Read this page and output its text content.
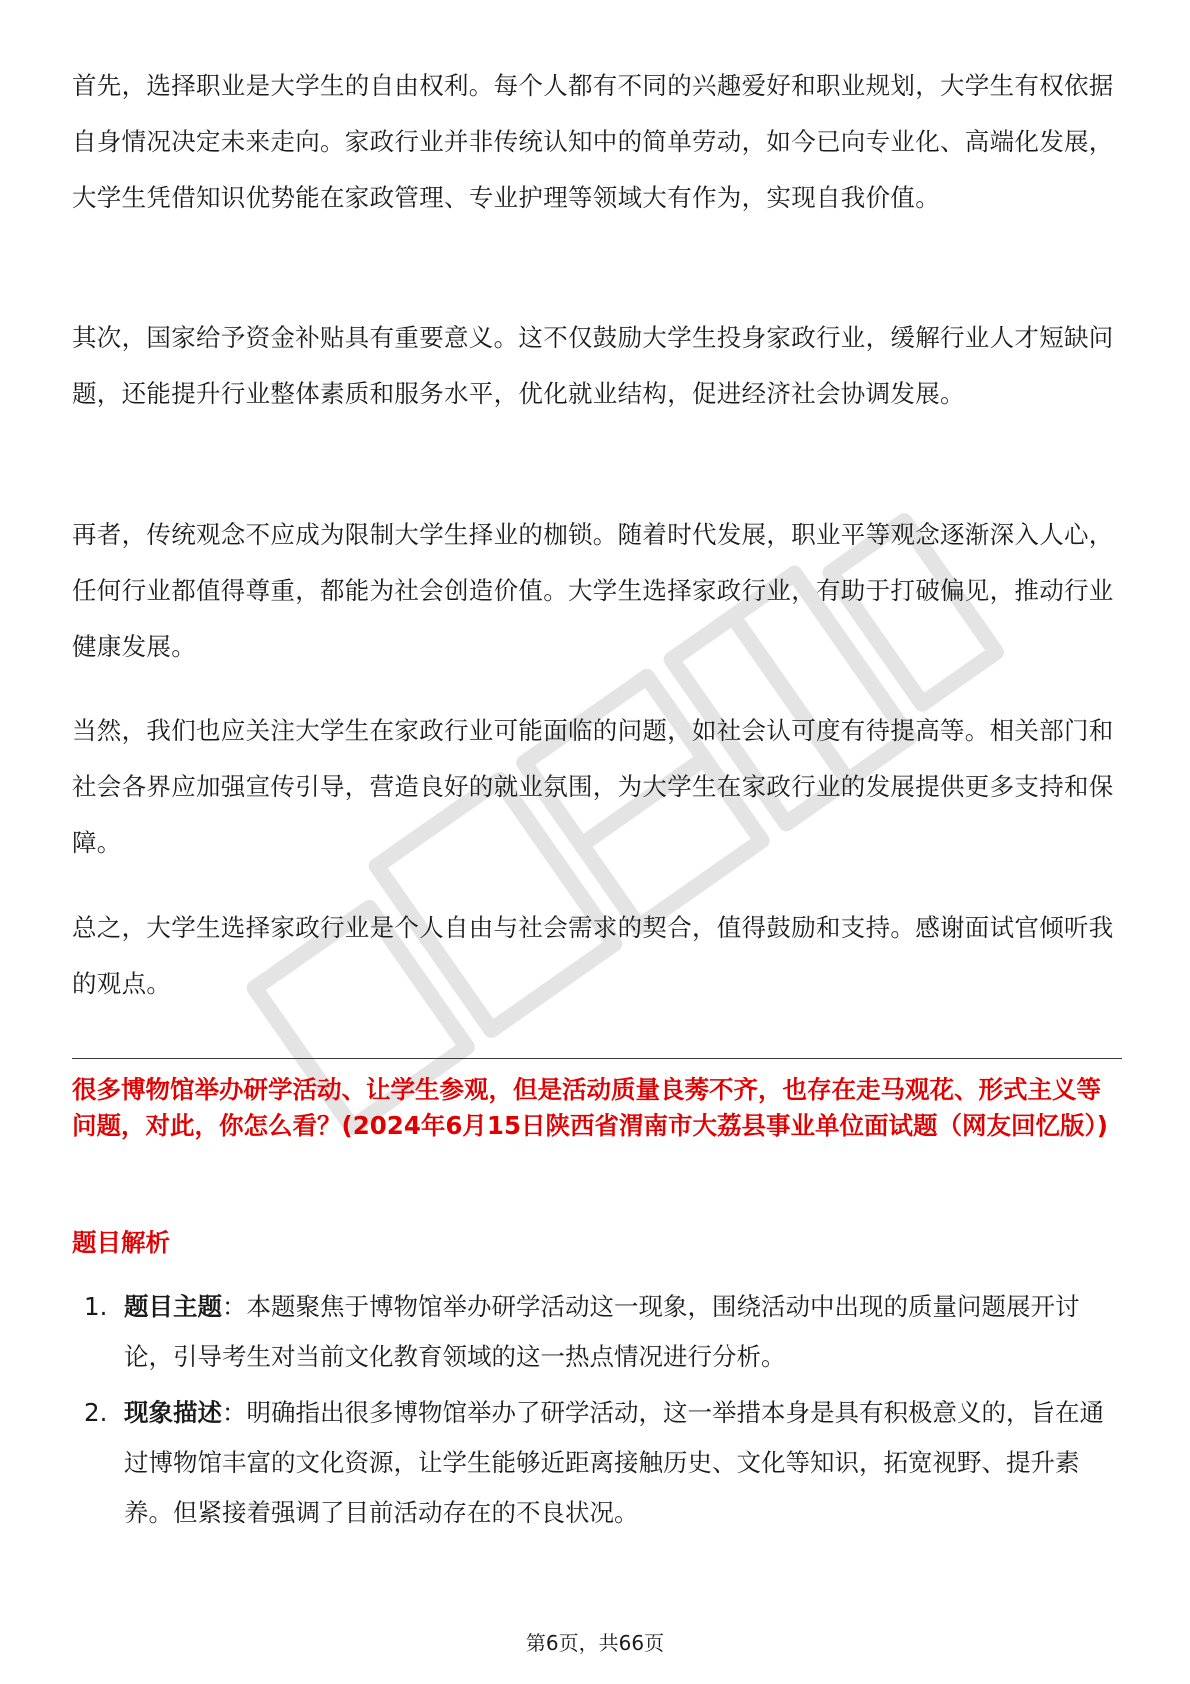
首先，选择职业是大学生的自由权利。每个人都有不同的兴趣爱好和职业规划，大学生有权依据自身情况决定未来走向。家政行业并非传统认知中的简单劳动，如今已向专业化、高端化发展，大学生凭借知识优势能在家政管理、专业护理等领域大有作为，实现自我价值。

其次，国家给予资金补贴具有重要意义。这不仅鼓励大学生投身家政行业，缓解行业人才短缺问题，还能提升行业整体素质和服务水平，优化就业结构，促进经济社会协调发展。

再者，传统观念不应成为限制大学生择业的枷锁。随着时代发展，职业平等观念逐渐深入人心，任何行业都值得尊重，都能为社会创造价值。大学生选择家政行业，有助于打破偏见，推动行业健康发展。

当然，我们也应关注大学生在家政行业可能面临的问题，如社会认可度有待提高等。相关部门和社会各界应加强宣传引导，营造良好的就业氛围，为大学生在家政行业的发展提供更多支持和保障。

总之，大学生选择家政行业是个人自由与社会需求的契合，值得鼓励和支持。感谢面试官倾听我的观点。

很多博物馆举办研学活动、让学生参观，但是活动质量良莠不齐，也存在走马观花、形式主义等问题，对此，你怎么看？(2024年6月15日陕西省渭南市大荔县事业单位面试题（网友回忆版）)
题目解析
1. 题目主题：本题聚焦于博物馆举办研学活动这一现象，围绕活动中出现的质量问题展开讨论，引导考生对当前文化教育领域的这一热点情况进行分析。
2. 现象描述：明确指出很多博物馆举办了研学活动，这一举措本身是具有积极意义的，旨在通过博物馆丰富的文化资源，让学生能够近距离接触历史、文化等知识，拓宽视野、提升素养。但紧接着强调了目前活动存在的不良状况。
第6页，共66页
